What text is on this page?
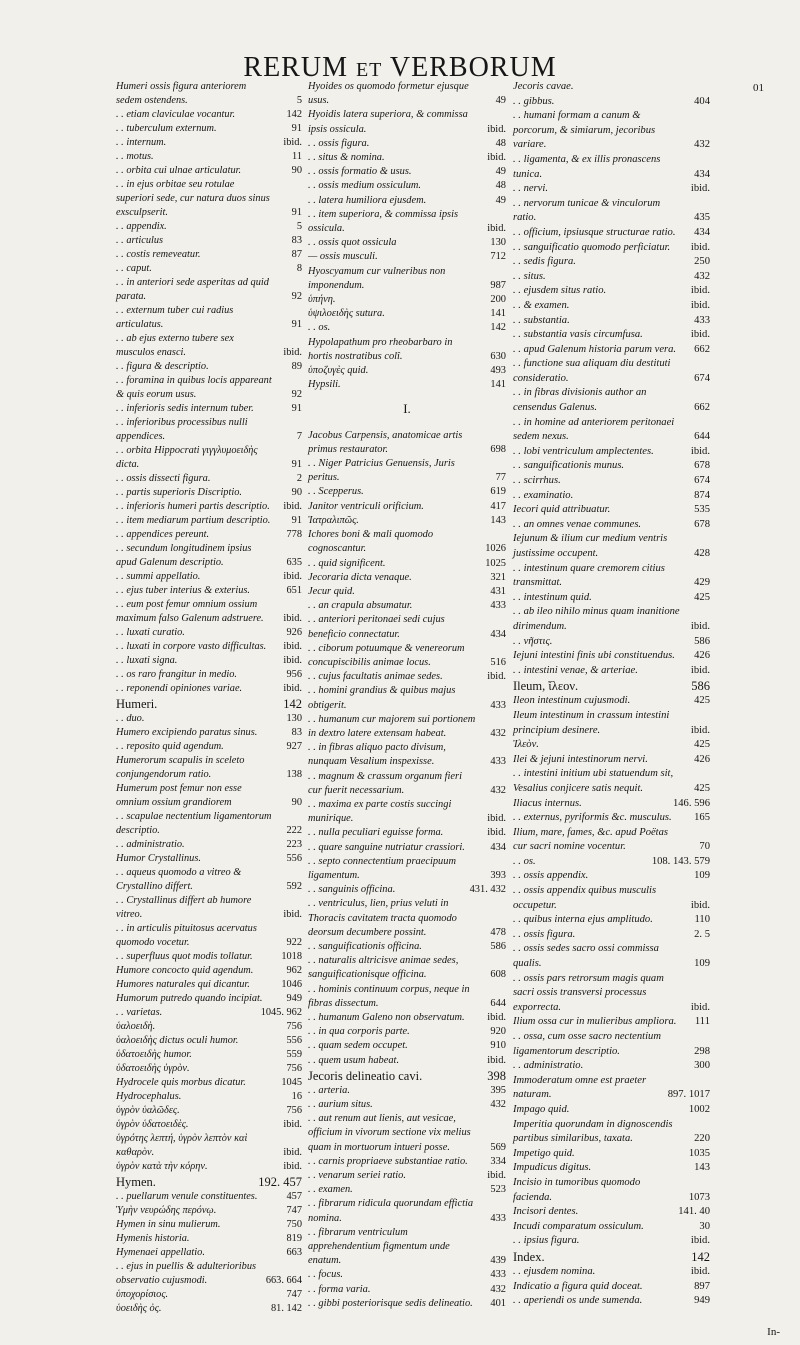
RERUM ET VERBORUM
01
Humeri ossis figura anteriorem sedem ostendens.	5
. . etiam claviculae vocantur.	142
. . tuberculum externum.	91
. . internum.	ibid.
. . motus.	11
. . orbita cui ulnae articulatur.	90
. . in ejus orbitae seu rotulae superiori sede, cur natura duos sinus exsculpserit.	91
. . appendix.	5
. . articulus	83
. . costis remeveatur.	87
. . caput.	8
. . in anteriori sede asperitas ad quid parata.	92
. . externum tuber cui radius articulatus.	91
. . ab ejus externo tubere sex musculos enasci.	ibid.
. . figura & descriptio.	89
. . foramina in quibus locis appareant & quis eorum usus.	92
. . inferioris sedis internum tuber.	91
. . inferioribus processibus nulli appendices.	7
. . orbita Hippocrati γιγγλυμοειδὴς dicta.	91
. . ossis dissecti figura.	2
. . partis superioris Discriptio.	90
. . inferioris humeri partis descriptio. ibid.
. . item mediarum partium descriptio. 91
. . appendices pereunt.	778
. . secundum longitudinem ipsius apud Galenum descriptio.	635
. . summi appellatio.	ibid.
. . ejus tuber interius & exterius.	651
. . eum post femur omnium ossium maximum falso Galenum adstruere. ibid.
. . luxati curatio.	926
. . luxati in corpore vasto difficultas. ibid.
. . luxati signa.	ibid.
. . os raro frangitur in medio.	956
. . reponendi opiniones variae.	ibid.
Humeri.	142
. . duo.	130
Humero excipiendo paratus sinus.	83
. . reposito quid agendum.	927
Humerorum scapulis in sceleto conjungendorum ratio.	138
Humerum post femur non esse omnium ossium grandiorem	90
. . scapulae nectentium ligamentorum descriptio.	222
. . administratio.	223
Humor Crystallinus.	556
. . aqueus quomodo a vitreo & Crystallino differt.	592
. . Crystallinus differt ab humore vitreo.	ibid.
. . in articulis pituitosus acervatus quomodo vocetur.	922
. . superfluus quot modis tollatur.	1018
Humore concocto quid agendum.	962
Humores naturales qui dicantur.	1046
Humorum putredo quando incipiat. 949
. . varietas.	1045. 962
ὑαλοειδὴ.	756
ὑαλοειδὴς dictus oculi humor.	556
ὑδατοειδὴς humor.	559
ὑδατοειδὴς ὑγρὸν.	756
Hydrocele quis morbus dicatur.	1045
Hydrocephalus.	16
ὑγρὸν ὑαλῶδες.	756
ὑγρὸν ὑδατοειδὲς.	ibid.
ὑγρότης λεπτή, ὑγρὸν λεπτὸν καὶ καθαρὸν.	ibid.
ὑγρὸν κατὰ τὴν κόρην.	ibid.
Hymen.	192. 457
. . puellarum venule constituentes.	457
Ὑμὴν νευρώδης περόνῳ.	747
Hymen in sinu mulierum.	750
Hymenis historia.	819
Hymenaei appellatio.	663
. . ejus in puellis & adulterioribus observatio cujusmodi.	663. 664
ὑποχορίσιος.	747
ὑοειδὴς ὀς.	81. 142
Hyoides os quomodo formetur ejusque usus.	49
Hyoidis latera superiora, & commissa ipsis ossicula.	ibid.
. . ossis figura.	48
. . situs & nomina.	ibid.
. . ossis formatio & usus.	49
. . ossis medium ossiculum.	48
. . latera humiliora ejusdem.	49
. . item superiora, & commissa ipsis ossicula.	ibid.
. . ossis quot ossicula	130
— ossis musculi.	712
Hyoscyamum cur vulneribus non imponendum.	987
ὑπήνη.	200
ὑψιλοειδὴς sutura.	141
. . os.	142
Hypolapathum pro rheobarbaro in hortis nostratibus colî.	630
ὑποζυγὲς quid.	493
Hypsili.	141
I.
Jacobus Carpensis, anatomicae artis primus restaurator.	698
. . Niger Patricius Genuensis, Juris peritus.	77
. . Scepperus.	619
Janitor ventriculi orificium.	417
Ἰατραλιπῶς.	143
Ichores boni & mali quomodo cognoscantur.	1026
. . quid significent.	1025
Jecoraria dicta venaque.	321
Jecur quid.	431
. . an crapula absumatur.	433
. . anteriori peritonaei sedi cujus beneficio connectatur.	434
. . ciborum potuumque & venereorum concupiscibilis animae locus.	516
. . cujus facultatis animae sedes.	ibid.
. . homini grandius & quibus majus obtigerit.	433
. . humanum cur majorem sui portionem in dextro latere extensam habeat.	432
. . in fibras aliquo pacto divisum, nunquam Vesalium inspexisse.	433
. . magnum & crassum organum fieri cur fuerit necessarium.	432
. . maxima ex parte costis succingi munirique.	ibid.
. . nulla peculiari eguisse forma.	ibid.
. . quare sanguine nutriatur crassiori. 434
. . septo connectentium praecipuum ligamentum.	393
. . sanguinis officina.	431. 432
. . ventriculus, lien, prius veluti in Thoracis cavitatem tracta quomodo deorsum decumbere possint.	478
. . sanguificationis officina.	586
. . naturalis altricisve animae sedes, sanguificationisque officina.	608
. . hominis continuum corpus, neque in fibras dissectum.	644
. . humanum Galeno non observatum. ibid.
. . in qua corporis parte.	920
. . quam sedem occupet.	910
. . quem usum habeat.	ibid.
Jecoris delineatio cavi.	398
. . arteria.	395
. . aurium situs.	432
. . aut renum aut lienis, aut vesicae, officium in vivorum sectione vix melius quam in mortuorum intueri posse.	569
. . carnis propriaeve substantiae ratio. 334
. . venarum seriei ratio.	ibid.
. . examen.	523
. . fibrarum ridicula quorundam effictia nomina.	433
. . fibrarum ventriculum apprehendentium figmentum unde enatum.	439
. . focus.	433
. . forma varia.	432
. . gibbi posteriorisque sedis delineatio. 401
Jecoris cavae.
. . gibbus.	404
. . humani formam a canum & porcorum, & simiarum, jecoribus variare.	432
. . ligamenta, & ex illis pronascens tunica.	434
. . nervi.	ibid.
. . nervorum tunicae & vinculorum ratio.	435
. . officium, ipsiusque structurae ratio. 434
. . sanguificatio quomodo perficiatur. ibid.
. . sedis figura.	250
. . situs.	432
. . ejusdem situs ratio.	ibid.
. . & examen.	ibid.
. . substantia.	433
. . substantia vasis circumfusa.	ibid.
. . apud Galenum historia parum vera. 662
. . functione sua aliquam diu destituti consideratio.	674
. . in fibras divisionis author an censendus Galenus.	662
. . in homine ad anteriorem peritonaei sedem nexus.	644
. . lobi ventriculum amplectentes.	ibid.
. . sanguificationis munus.	678
. . scirrhus.	674
. . examinatio.	874
Iecori quid attribuatur.	535
. . an omnes venae communes.	678
Iejunum & ilium cur medium ventris justissime occupent.	428
. . intestinum quare cremorem citius transmittat.	429
. . intestinum quid.	425
. . ab ileo nihilo minus quam inanitione dirimendum.	ibid.
. . νῆστις.	586
Iejuni intestini finis ubi constituendus. 426
. . intestini venae, & arteriae.	ibid.
Ileum, ἴλεον.	586
Ileon intestinum cujusmodi.	425
Ileum intestinum in crassum intestini principium desinere.	ibid.
Ἰλεὸν.	425
Ilei & jejuni intestinorum nervi.	426
. . intestini initium ubi statuendum sit, Vesalius conjicere satis nequit.	425
Iliacus internus.	146. 596
. . externus, pyriformis &c. musculus. 165
Ilium, mare, fames, &c. apud Poëtas cur sacri nomine vocentur.	70
. . os.	108. 143. 579
. . ossis appendix.	109
. . ossis appendix quibus musculis occupetur.	ibid.
. . quibus interna ejus amplitudo.	110
. . ossis figura.	2. 5
. . ossis sedes sacro ossi commissa qualis.	109
. . ossis pars retrorsum magis quam sacri ossis transversi processus exporrecta.	ibid.
Ilium ossa cur in mulieribus ampliora. 111
. . ossa, cum osse sacro nectentium ligamentorum descriptio.	298
. . administratio.	300
Immoderatum omne est praeter naturam.	897. 1017
Impago quid.	1002
Imperitia quorundam in dignoscendis partibus similaribus, taxata.	220
Impetigo quid.	1035
Impudicus digitus.	143
Incisio in tumoribus quomodo facienda.	1073
Incisori dentes.	141. 40
Incudi comparatum ossiculum.	30
. . ipsius figura.	ibid.
Index.	142
. . ejusdem nomina.	ibid.
Indicatio a figura quid doceat.	897
. . aperiendi os unde sumenda.	949
In-
